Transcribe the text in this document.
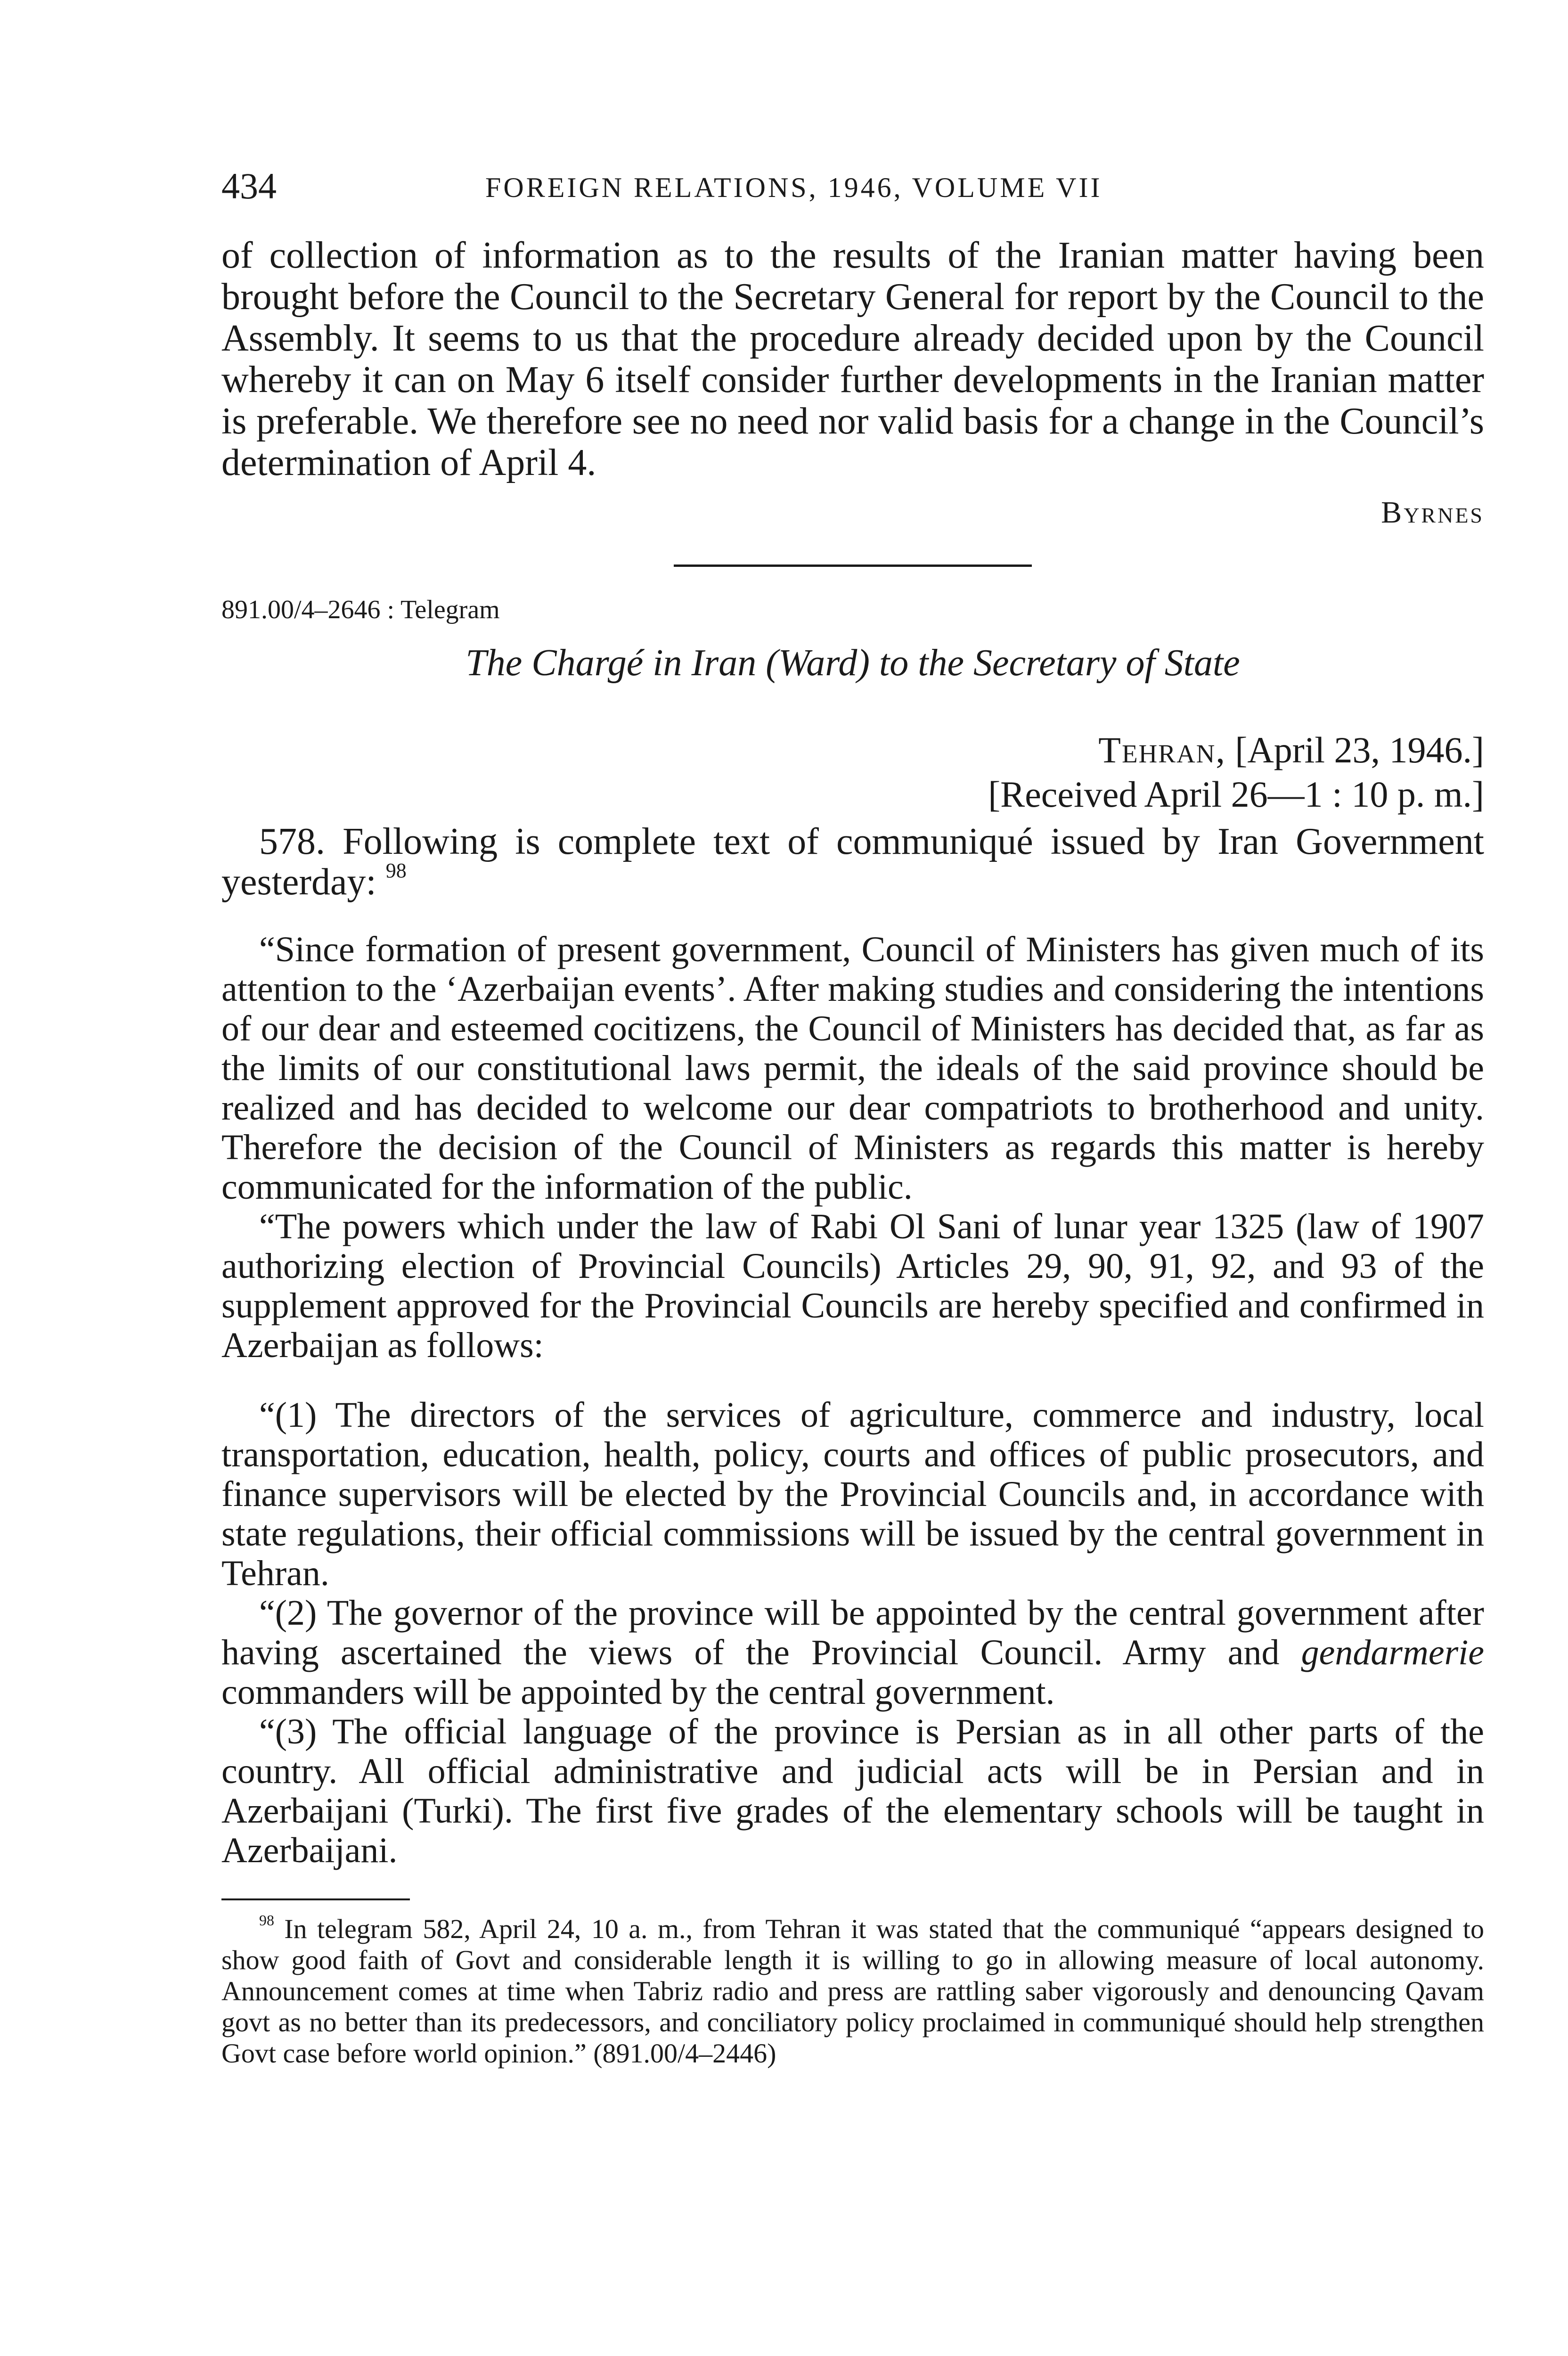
434	FOREIGN RELATIONS, 1946, VOLUME VII

of collection of information as to the results of the Iranian matter having been brought before the Council to the Secretary General for report by the Council to the Assembly. It seems to us that the procedure already decided upon by the Council whereby it can on May 6 itself consider further developments in the Iranian matter is preferable. We therefore see no need nor valid basis for a change in the Council’s determination of April 4.

Byrnes
891.00/4–2646 : Telegram
The Chargé in Iran (Ward) to the Secretary of State
Tehran, [April 23, 1946.]
[Received April 26—1 : 10 p. m.]

578. Following is complete text of communiqué issued by Iran Government yesterday: $^{98}$

“Since formation of present government, Council of Ministers has given much of its attention to the ‘Azerbaijan events’. After making studies and considering the intentions of our dear and esteemed cocitizens, the Council of Ministers has decided that, as far as the limits of our constitutional laws permit, the ideals of the said province should be realized and has decided to welcome our dear compatriots to brotherhood and unity. Therefore the decision of the Council of Ministers as regards this matter is hereby communicated for the information of the public.

“The powers which under the law of Rabi Ol Sani of lunar year 1325 (law of 1907 authorizing election of Provincial Councils) Articles 29, 90, 91, 92, and 93 of the supplement approved for the Provincial Councils are hereby specified and confirmed in Azerbaijan as follows:

“(1) The directors of the services of agriculture, commerce and industry, local transportation, education, health, policy, courts and offices of public prosecutors, and finance supervisors will be elected by the Provincial Councils and, in accordance with state regulations, their official commissions will be issued by the central government in Tehran.

“(2) The governor of the province will be appointed by the central government after having ascertained the views of the Provincial Council. Army and gendarmerie commanders will be appointed by the central government.

“(3) The official language of the province is Persian as in all other parts of the country. All official administrative and judicial acts will be in Persian and in Azerbaijani (Turki). The first five grades of the elementary schools will be taught in Azerbaijani.

$^{98}$ In telegram 582, April 24, 10 a. m., from Tehran it was stated that the communiqué “appears designed to show good faith of Govt and considerable length it is willing to go in allowing measure of local autonomy. Announcement comes at time when Tabriz radio and press are rattling saber vigorously and denouncing Qavam govt as no better than its predecessors, and conciliatory policy proclaimed in communiqué should help strengthen Govt case before world opinion.” (891.00/4–2446)
